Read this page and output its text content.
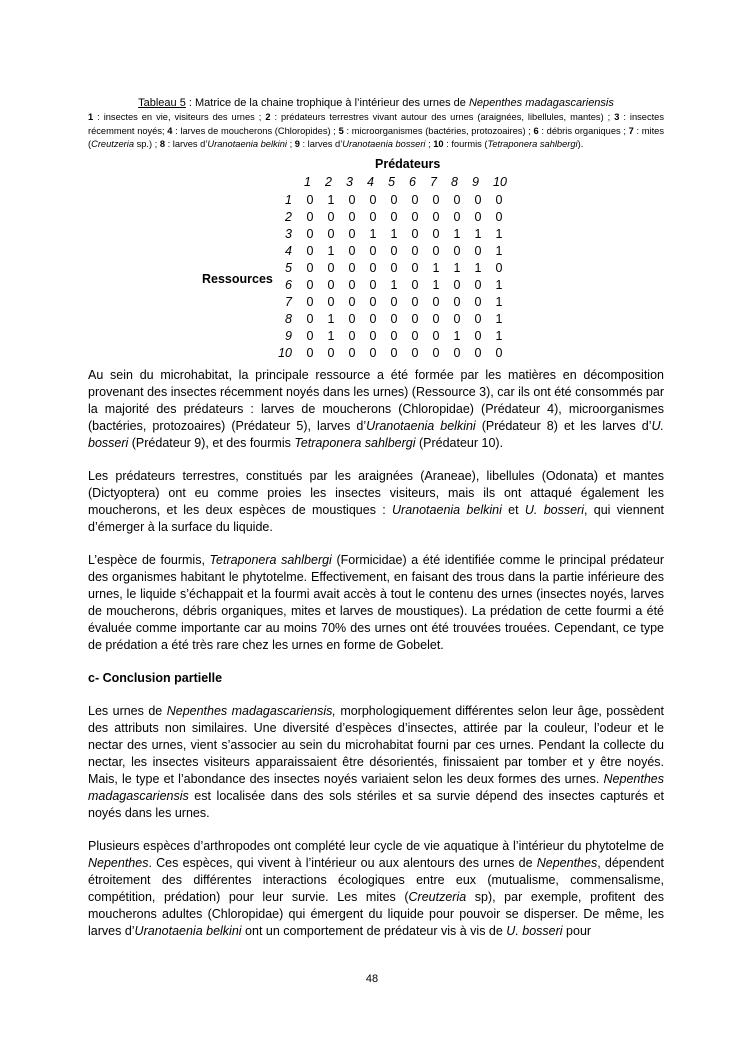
Tableau 5 : Matrice de la chaine trophique à l’intérieur des urnes de Nepenthes madagascariensis
1 : insectes en vie, visiteurs des urnes ; 2 : prédateurs terrestres vivant autour des urnes (araignées, libellules, mantes) ; 3 : insectes récemment noyés; 4 : larves de moucherons (Chloropides) ; 5 : microorganismes (bactéries, protozoaires) ; 6 : débris organiques ; 7 : mites (Creutzeria sp.) ; 8 : larves d’Uranotaenia belkini ; 9 : larves d’Uranotaenia bosseri ; 10 : fourmis (Tetraponera sahlbergi).
Prédateurs
Ressources
1 2 3 4 5 6 7 8 9 10
1
2
3
4
5
6
7
8
9
10
0 1 0 0 0 0 0 0 0 0
0 0 0 0 0 0 0 0 0 0
0 0 0 1 1 0 0 1 1 1
0 1 0 0 0 0 0 0 0 1
0 0 0 0 0 0 1 1 1 0
0 0 0 0 1 0 1 0 0 1
0 0 0 0 0 0 0 0 0 1
0 1 0 0 0 0 0 0 0 1
0 1 0 0 0 0 0 1 0 1
0 0 0 0 0 0 0 0 0 0

Au sein du microhabitat, la principale ressource a été formée par les matières en décomposition provenant des insectes récemment noyés dans les urnes) (Ressource 3), car ils ont été consommés par la majorité des prédateurs : larves de moucherons (Chloropidae) (Prédateur 4), microorganismes (bactéries, protozoaires) (Prédateur 5), larves d’Uranotaenia belkini (Prédateur 8) et les larves d’U. bosseri (Prédateur 9), et des fourmis Tetraponera sahlbergi (Prédateur 10).

Les prédateurs terrestres, constitués par les araignées (Araneae), libellules (Odonata) et mantes (Dictyoptera) ont eu comme proies les insectes visiteurs, mais ils ont attaqué également les moucherons, et les deux espèces de moustiques : Uranotaenia belkini et U. bosseri, qui viennent d’émerger à la surface du liquide.

L’espèce de fourmis, Tetraponera sahlbergi (Formicidae) a été identifiée comme le principal prédateur des organismes habitant le phytotelme. Effectivement, en faisant des trous dans la partie inférieure des urnes, le liquide s’échappait et la fourmi avait accès à tout le contenu des urnes (insectes noyés, larves de moucherons, débris organiques, mites et larves de moustiques). La prédation de cette fourmi a été évaluée comme importante car au moins 70% des urnes ont été trouvées trouées. Cependant, ce type de prédation a été très rare chez les urnes en forme de Gobelet.

c- Conclusion partielle

Les urnes de Nepenthes madagascariensis, morphologiquement différentes selon leur âge, possèdent des attributs non similaires. Une diversité d’espèces d’insectes, attirée par la couleur, l’odeur et le nectar des urnes, vient s’associer au sein du microhabitat fourni par ces urnes. Pendant la collecte du nectar, les insectes visiteurs apparaissaient être désorientés, finissaient par tomber et y être noyés. Mais, le type et l’abondance des insectes noyés variaient selon les deux formes des urnes. Nepenthes madagascariensis est localisée dans des sols stériles et sa survie dépend des insectes capturés et noyés dans les urnes.

Plusieurs espèces d’arthropodes ont complété leur cycle de vie aquatique à l’intérieur du phytotelme de Nepenthes. Ces espèces, qui vivent à l’intérieur ou aux alentours des urnes de Nepenthes, dépendent étroitement des différentes interactions écologiques entre eux (mutualisme, commensalisme, compétition, prédation) pour leur survie. Les mites (Creutzeria sp), par exemple, profitent des moucherons adultes (Chloropidae) qui émergent du liquide pour pouvoir se disperser. De même, les larves d’Uranotaenia belkini ont un comportement de prédateur vis à vis de U. bosseri pour

48
